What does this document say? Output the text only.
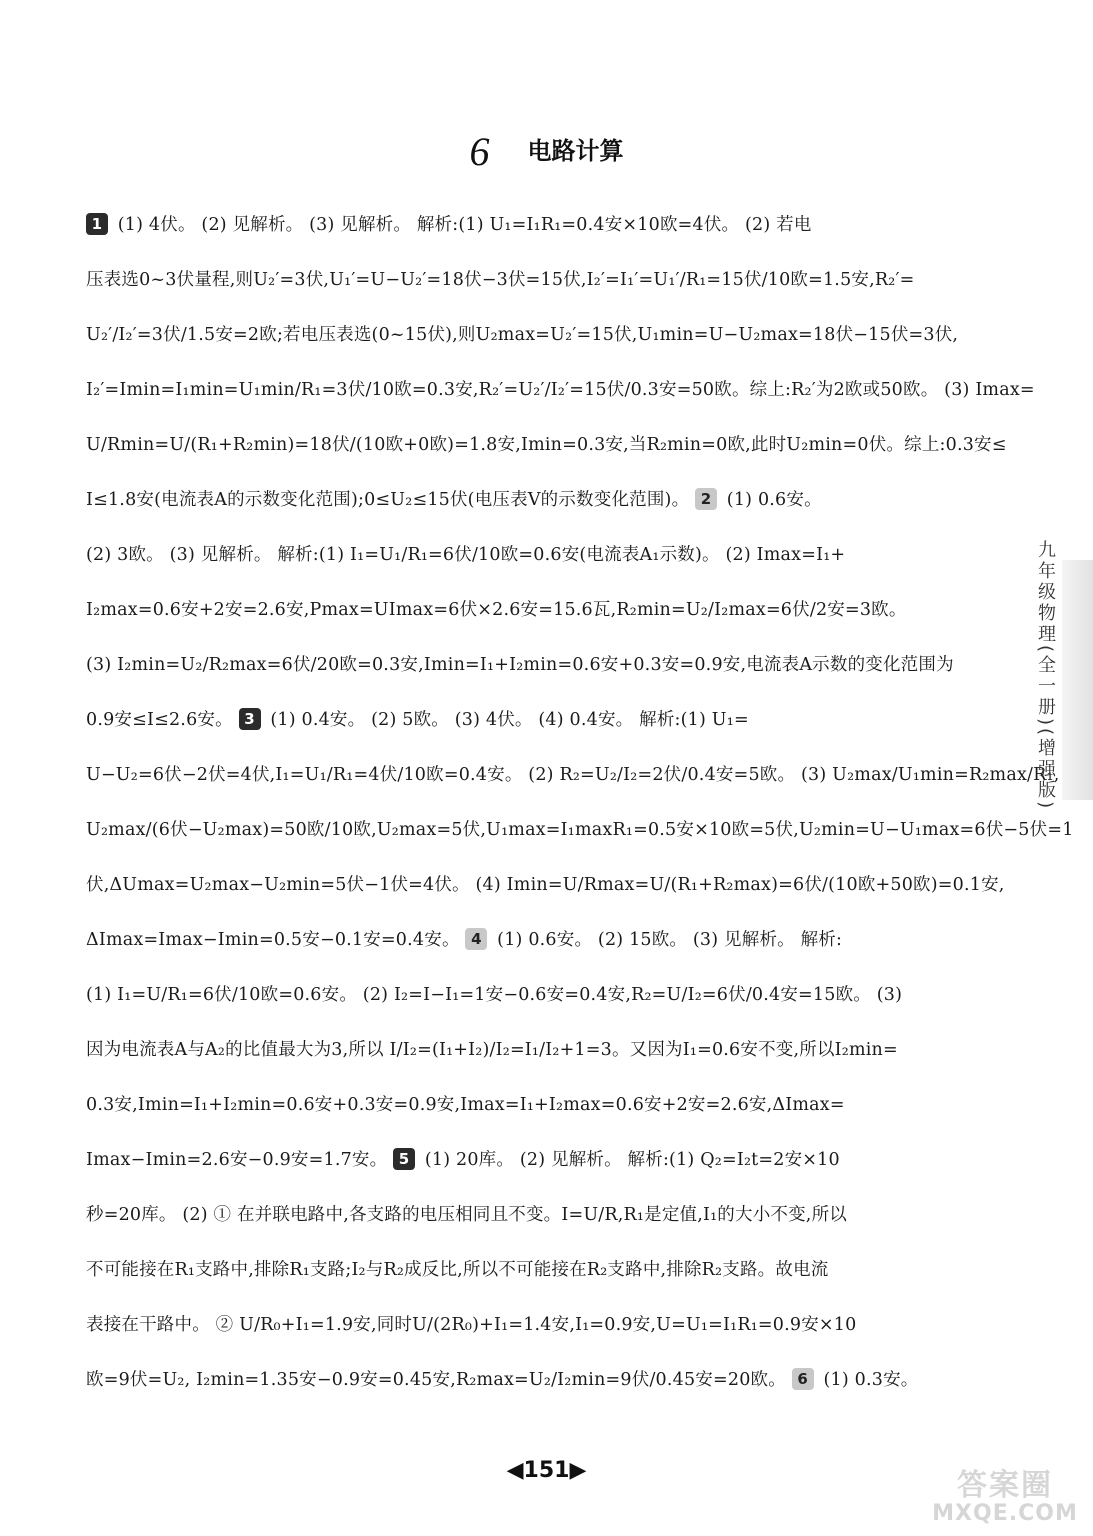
6 电路计算
1 (1) 4伏。 (2) 见解析。 (3) 见解析。 解析:(1) U₁=I₁R₁=0.4安×10欧=4伏。 (2) 若电
压表选0~3伏量程,则U₂′=3伏,U₁′=U−U₂′=18伏−3伏=15伏,I₂′=I₁′=U₁′/R₁=15伏/10欧=1.5安,R₂′=
U₂′/I₂′=3伏/1.5安=2欧;若电压表选(0~15伏),则U₂max=U₂′=15伏,U₁min=U−U₂max=18伏−15伏=3伏,
I₂′=Imin=I₁min=U₁min/R₁=3伏/10欧=0.3安,R₂′=U₂′/I₂′=15伏/0.3安=50欧。综上:R₂′为2欧或50欧。 (3) Imax=
U/Rmin=U/(R₁+R₂min)=18伏/(10欧+0欧)=1.8安,Imin=0.3安,当R₂min=0欧,此时U₂min=0伏。综上:0.3安≤
I≤1.8安(电流表A的示数变化范围);0≤U₂≤15伏(电压表V的示数变化范围)。 2 (1) 0.6安。
(2) 3欧。 (3) 见解析。 解析:(1) I₁=U₁/R₁=6伏/10欧=0.6安(电流表A₁示数)。 (2) Imax=I₁+
I₂max=0.6安+2安=2.6安,Pmax=UImax=6伏×2.6安=15.6瓦,R₂min=U₂/I₂max=6伏/2安=3欧。
(3) I₂min=U₂/R₂max=6伏/20欧=0.3安,Imin=I₁+I₂min=0.6安+0.3安=0.9安,电流表A示数的变化范围为
0.9安≤I≤2.6安。 3 (1) 0.4安。 (2) 5欧。 (3) 4伏。 (4) 0.4安。 解析:(1) U₁=
U−U₂=6伏−2伏=4伏,I₁=U₁/R₁=4伏/10欧=0.4安。 (2) R₂=U₂/I₂=2伏/0.4安=5欧。 (3) U₂max/U₁min=R₂max/R₁,
U₂max/(6伏−U₂max)=50欧/10欧,U₂max=5伏,U₁max=I₁maxR₁=0.5安×10欧=5伏,U₂min=U−U₁max=6伏−5伏=1
伏,ΔUmax=U₂max−U₂min=5伏−1伏=4伏。 (4) Imin=U/Rmax=U/(R₁+R₂max)=6伏/(10欧+50欧)=0.1安,
ΔImax=Imax−Imin=0.5安−0.1安=0.4安。 4 (1) 0.6安。 (2) 15欧。 (3) 见解析。 解析:
(1) I₁=U/R₁=6伏/10欧=0.6安。 (2) I₂=I−I₁=1安−0.6安=0.4安,R₂=U/I₂=6伏/0.4安=15欧。 (3)
因为电流表A与A₂的比值最大为3,所以 I/I₂=(I₁+I₂)/I₂=I₁/I₂+1=3。又因为I₁=0.6安不变,所以I₂min=
0.3安,Imin=I₁+I₂min=0.6安+0.3安=0.9安,Imax=I₁+I₂max=0.6安+2安=2.6安,ΔImax=
Imax−Imin=2.6安−0.9安=1.7安。 5 (1) 20库。 (2) 见解析。 解析:(1) Q₂=I₂t=2安×10
秒=20库。 (2) ① 在并联电路中,各支路的电压相同且不变。I=U/R,R₁是定值,I₁的大小不变,所以
不可能接在R₁支路中,排除R₁支路;I₂与R₂成反比,所以不可能接在R₂支路中,排除R₂支路。故电流
表接在干路中。 ② U/R₀+I₁=1.9安,同时U/(2R₀)+I₁=1.4安,I₁=0.9安,U=U₁=I₁R₁=0.9安×10
欧=9伏=U₂, I₂min=1.35安−0.9安=0.45安,R₂max=U₂/I₂min=9伏/0.45安=20欧。 6 (1) 0.3安。
九年级物理(全一册)(增强版)
◀151▶	答案圈
MXQE.COM
